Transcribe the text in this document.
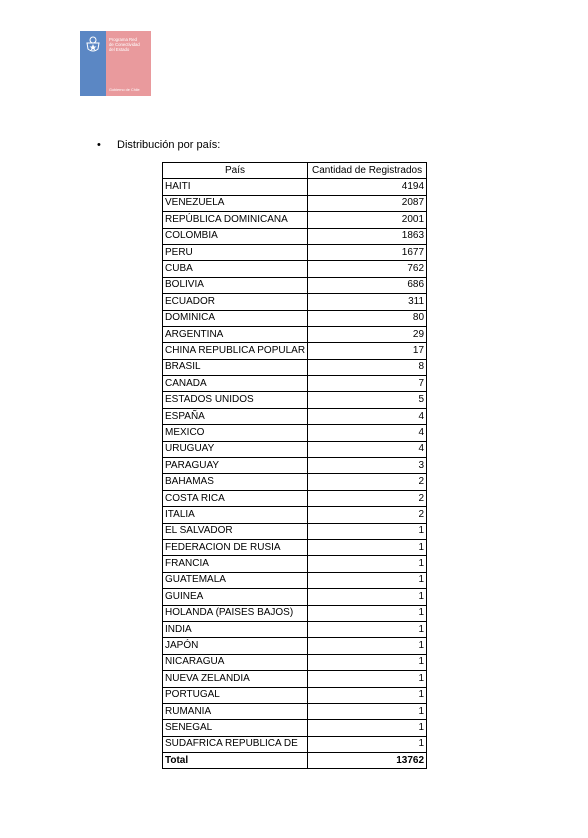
Programa Red
de Conectividad
del Estado
Gobierno de Chile
•	Distribución por país:
País	Cantidad de Registrados
HAITI	4194
VENEZUELA	2087
REPÚBLICA DOMINICANA	2001
COLOMBIA	1863
PERU	1677
CUBA	762
BOLIVIA	686
ECUADOR	311
DOMINICA	80
ARGENTINA	29
CHINA REPUBLICA POPULAR	17
BRASIL	8
CANADA	7
ESTADOS UNIDOS	5
ESPAÑA	4
MEXICO	4
URUGUAY	4
PARAGUAY	3
BAHAMAS	2
COSTA RICA	2
ITALIA	2
EL SALVADOR	1
FEDERACION DE RUSIA	1
FRANCIA	1
GUATEMALA	1
GUINEA	1
HOLANDA (PAISES BAJOS)	1
INDIA	1
JAPÓN	1
NICARAGUA	1
NUEVA ZELANDIA	1
PORTUGAL	1
RUMANIA	1
SENEGAL	1
SUDAFRICA REPUBLICA DE	1
Total	13762
